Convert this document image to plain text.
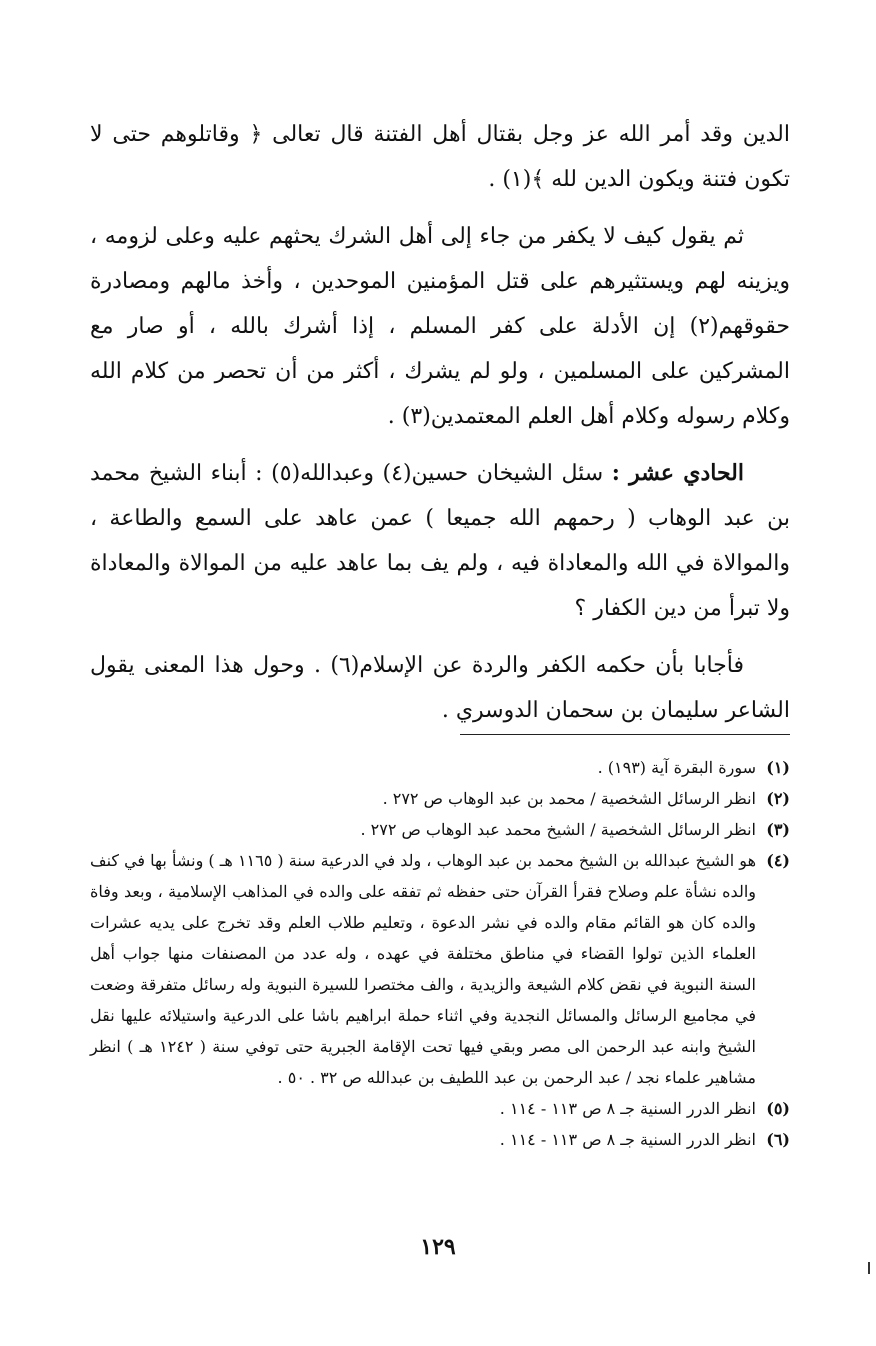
الدين وقد أمر الله عز وجل بقتال أهل الفتنة قال تعالى ﴿ وقاتلوهم حتى لا تكون فتنة ويكون الدين لله ﴾(١) .

ثم يقول كيف لا يكفر من جاء إلى أهل الشرك يحثهم عليه وعلى لزومه ، ويزينه لهم ويستثيرهم على قتل المؤمنين الموحدين ، وأخذ مالهم ومصادرة حقوقهم(٢) إن الأدلة على كفر المسلم ، إذا أشرك بالله ، أو صار مع المشركين على المسلمين ، ولو لم يشرك ، أكثر من أن تحصر من كلام الله وكلام رسوله وكلام أهل العلم المعتمدين(٣) .

الحادي عشر : سئل الشيخان حسين(٤) وعبدالله(٥) : أبناء الشيخ محمد بن عبد الوهاب ( رحمهم الله جميعا ) عمن عاهد على السمع والطاعة ، والموالاة في الله والمعاداة فيه ، ولم يف بما عاهد عليه من الموالاة والمعاداة ولا تبرأ من دين الكفار ؟

فأجابا بأن حكمه الكفر والردة عن الإسلام(٦) . وحول هذا المعنى يقول الشاعر سليمان بن سحمان الدوسري .

(١)
سورة البقرة آية (١٩٣) .
(٢)
انظر الرسائل الشخصية / محمد بن عبد الوهاب ص ٢٧٢ .
(٣)
انظر الرسائل الشخصية / الشيخ محمد عبد الوهاب ص ٢٧٢ .
(٤)
هو الشيخ عبدالله بن الشيخ محمد بن عبد الوهاب ، ولد في الدرعية سنة ( ١١٦٥ هـ ) ونشأ بها في كنف والده نشأة علم وصلاح فقرأ القرآن حتى حفظه ثم تفقه على والده في المذاهب الإسلامية ، وبعد وفاة والده كان هو القائم مقام والده في نشر الدعوة ، وتعليم طلاب العلم وقد تخرج على يديه عشرات العلماء الذين تولوا القضاء في مناطق مختلفة في عهده ، وله عدد من المصنفات منها جواب أهل السنة النبوية في نقض كلام الشيعة والزيدية ، والف مختصرا للسيرة النبوية وله رسائل متفرقة وضعت في مجاميع الرسائل والمسائل النجدية وفي اثناء حملة ابراهيم باشا على الدرعية واستيلائه عليها نقل الشيخ وابنه عبد الرحمن الى مصر وبقي فيها تحت الإقامة الجبرية حتى توفي سنة ( ١٢٤٢ هـ ) انظر مشاهير علماء نجد / عبد الرحمن بن عبد اللطيف بن عبدالله ص ٣٢ . ٥٠ .
(٥)
انظر الدرر السنية جـ ٨ ص ١١٣ - ١١٤ .
(٦)
انظر الدرر السنية جـ ٨ ص ١١٣ - ١١٤ .
١٢٩
